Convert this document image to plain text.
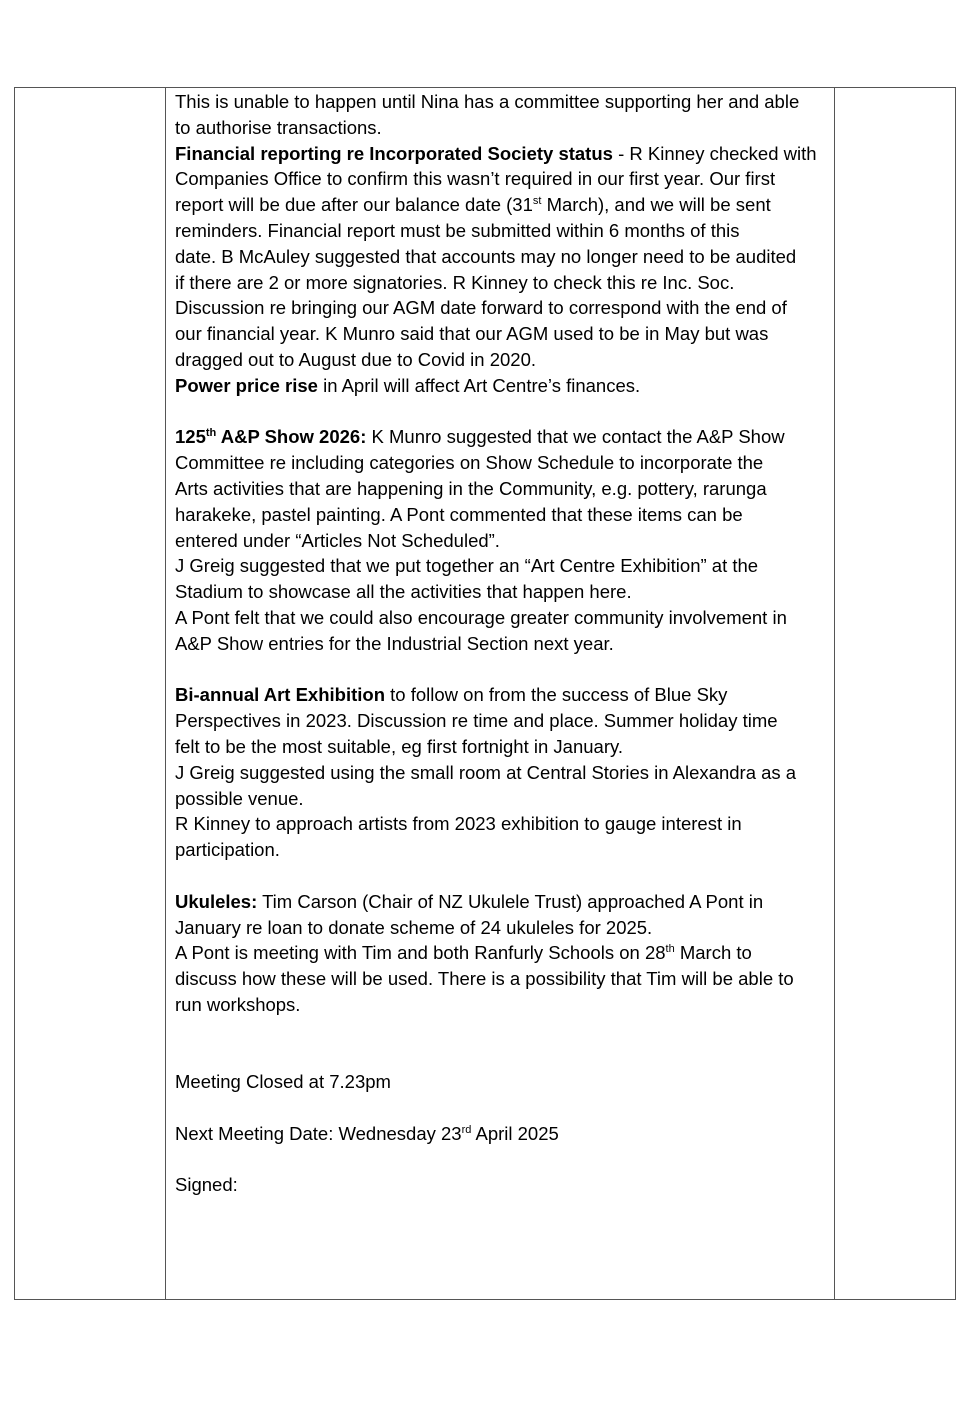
This is unable to happen until Nina has a committee supporting her and able
to authorise transactions.
Financial reporting re Incorporated Society status - R Kinney checked with
Companies Office to confirm this wasn’t required in our first year. Our first
report will be due after our balance date (31st March), and we will be sent
reminders. Financial report must be submitted within 6 months of this
date. B McAuley suggested that accounts may no longer need to be audited
if there are 2 or more signatories. R Kinney to check this re Inc. Soc.
Discussion re bringing our AGM date forward to correspond with the end of
our financial year. K Munro said that our AGM used to be in May but was
dragged out to August due to Covid in 2020.
Power price rise in April will affect Art Centre’s finances.

125th A&P Show 2026: K Munro suggested that we contact the A&P Show
Committee re including categories on Show Schedule to incorporate the
Arts activities that are happening in the Community, e.g. pottery, rarunga
harakeke, pastel painting. A Pont commented that these items can be
entered under “Articles Not Scheduled”.
J Greig suggested that we put together an “Art Centre Exhibition” at the
Stadium to showcase all the activities that happen here.
A Pont felt that we could also encourage greater community involvement in
A&P Show entries for the Industrial Section next year.

Bi-annual Art Exhibition to follow on from the success of Blue Sky
Perspectives in 2023. Discussion re time and place. Summer holiday time
felt to be the most suitable, eg first fortnight in January.
J Greig suggested using the small room at Central Stories in Alexandra as a
possible venue.
R Kinney to approach artists from 2023 exhibition to gauge interest in
participation.

Ukuleles: Tim Carson (Chair of NZ Ukulele Trust) approached A Pont in
January re loan to donate scheme of 24 ukuleles for 2025.
A Pont is meeting with Tim and both Ranfurly Schools on 28th March to
discuss how these will be used. There is a possibility that Tim will be able to
run workshops.

Meeting Closed at 7.23pm
Next Meeting Date: Wednesday 23rd April 2025
Signed:
